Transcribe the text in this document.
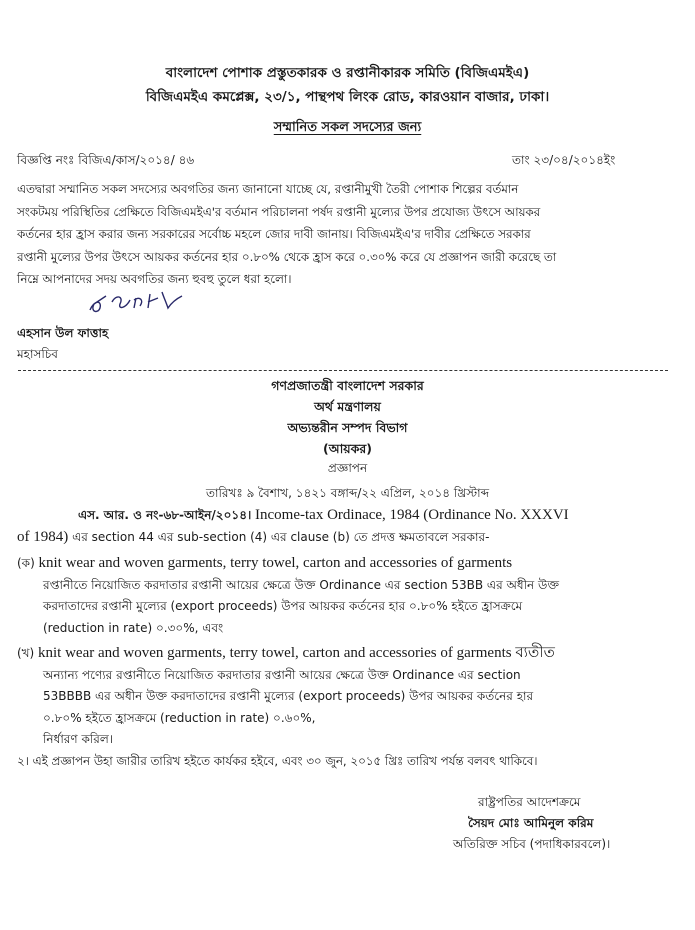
বাংলাদেশ পোশাক প্রস্তুতকারক ও রপ্তানীকারক সমিতি (বিজিএমইএ)
বিজিএমইএ কমপ্লেক্স, ২৩/১, পান্থপথ লিংক রোড, কারওয়ান বাজার, ঢাকা।
সম্মানিত সকল সদস্যের জন্য
বিজ্ঞপ্তি নংঃ বিজিএ/কাস/২০১৪/ ৪৬	তাং ২৩/০৪/২০১৪ইং
এতদ্বারা সম্মানিত সকল সদস্যের অবগতির জন্য জানানো যাচ্ছে যে, রপ্তানীমুখী তৈরী পোশাক শিল্পের বর্তমান
সংকটময় পরিস্থিতির প্রেক্ষিতে বিজিএমইএ'র বর্তমান পরিচালনা পর্ষদ রপ্তানী মুল্যের উপর প্রযোজ্য উৎসে আয়কর
কর্তনের হার হ্রাস করার জন্য সরকারের সর্বোচ্চ মহলে জোর দাবী জানায়। বিজিএমইএ'র দাবীর প্রেক্ষিতে সরকার
রপ্তানী মুল্যের উপর উৎসে আয়কর কর্তনের হার ০.৮০% থেকে হ্রাস করে ০.৩০% করে যে প্রজ্ঞাপন জারী করেছে তা
নিম্নে আপনাদের সদয় অবগতির জন্য হুবহু তুলে ধরা হলো।
এহসান উল ফাত্তাহ
মহাসচিব
গণপ্রজাতন্ত্রী বাংলাদেশ সরকার
অর্থ মন্ত্রণালয়
অভ্যন্তরীন সম্পদ বিভাগ
(আয়কর)
প্রজ্ঞাপন
তারিখঃ ৯ বৈশাখ, ১৪২১ বঙ্গাব্দ/২২ এপ্রিল, ২০১৪ খ্রিস্টাব্দ
এস. আর. ও নং-৬৮-আইন/২০১৪। Income-tax Ordinace, 1984 (Ordinance No. XXXVI
of 1984) এর section 44 এর sub-section (4) এর clause (b) তে প্রদত্ত ক্ষমতাবলে সরকার-
(ক) knit wear and woven garments, terry towel, carton and accessories of garments
রপ্তানীতে নিয়োজিত করদাতার রপ্তানী আয়ের ক্ষেত্রে উক্ত Ordinance এর section 53BB এর অধীন উক্ত
করদাতাদের রপ্তানী মুল্যের (export proceeds) উপর আয়কর কর্তনের হার ০.৮০% হইতে হ্রাসক্রমে
(reduction in rate) ০.৩০%, এবং
(খ) knit wear and woven garments, terry towel, carton and accessories of garments ব্যতীত
অন্যান্য পণ্যের রপ্তানীতে নিয়োজিত করদাতার রপ্তানী আয়ের ক্ষেত্রে উক্ত Ordinance এর section
53BBBB এর অধীন উক্ত করদাতাদের রপ্তানী মুল্যের (export proceeds) উপর আয়কর কর্তনের হার
০.৮০% হইতে হ্রাসক্রমে (reduction in rate) ০.৬০%,
নির্ধারণ করিল।
২। এই প্রজ্ঞাপন উহা জারীর তারিখ হইতে কার্যকর হইবে, এবং ৩০ জুন, ২০১৫ খ্রিঃ তারিখ পর্যন্ত বলবৎ থাকিবে।
রাষ্ট্রপতির আদেশক্রমে
সৈয়দ মোঃ আমিনুল করিম
অতিরিক্ত সচিব (পদাধিকারবলে)।
